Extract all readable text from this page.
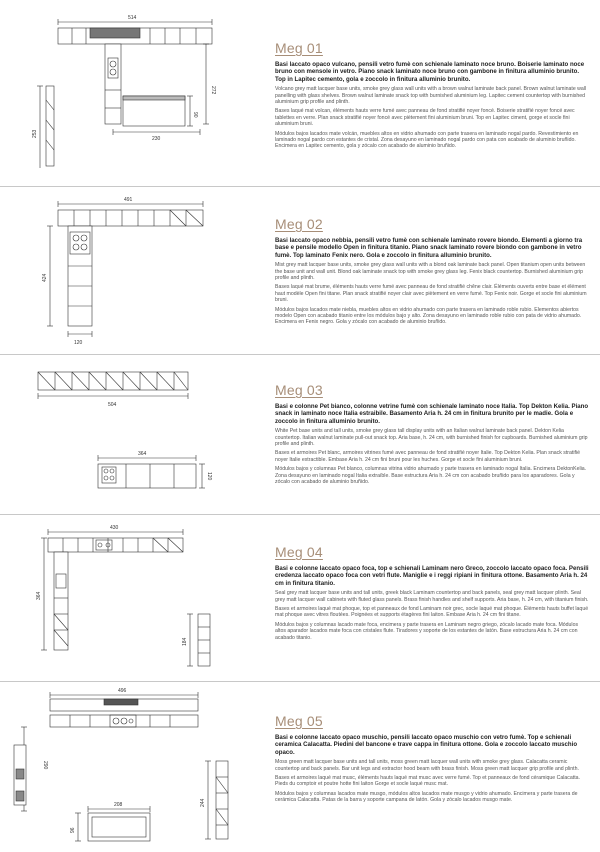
514
272
90
230
253
Meg 01

Basi laccato opaco vulcano, pensili vetro fumè con schienale laminato noce bruno. Boiserie laminato noce bruno con mensole in vetro. Piano snack laminato noce bruno con gambone in finitura alluminio brunito. Top in Lapitec cemento, gola e zoccolo in finitura alluminio brunito.

Volcano grey matt lacquer base units, smoke grey glass wall units with a brown walnut laminate back panel. Brown walnut laminate wall panelling with glass shelves. Brown walnut laminate snack top with burnished aluminium leg. Lapitec cement countertop with burnished aluminium grip profile and plinth.

Bases laqué mat volcan, éléments hauts verre fumé avec panneau de fond stratifié noyer foncé. Boiserie stratifié noyer foncé avec tablettes en verre. Plan snack stratifié noyer foncé avec piètement fini aluminium bruni. Top en Lapitec ciment, gorge et socle fini aluminium bruni.

Módulos bajos lacados mate volcán, muebles altos en vidrio ahumado con parte trasera en laminado nogal pardo. Revestimiento en laminado nogal pardo con estantes de cristal. Zona desayuno en laminado nogal pardo con pata con acabado de aluminio bruñido. Encimera en Lapitec cemento, gola y zócalo con acabado de aluminio bruñido.

491
424
120
Meg 02

Basi laccato opaco nebbia, pensili vetro fumè con schienale laminato rovere biondo. Elementi a giorno tra base e pensile modello Open in finitura titanio. Piano snack laminato rovere biondo con gambone in vetro fumè. Top laminato Fenix nero. Gola e zoccolo in finitura alluminio brunito.

Mist grey matt lacquer base units, smoke grey glass wall units with a blond oak laminate back panel. Open titanium open units between the base unit and wall unit. Blond oak laminate snack top with smoke grey glass leg. Fenix black countertop. Burnished aluminium grip profile and plinth.

Bases laqué mat brume, éléments hauts verre fumé avec panneau de fond stratifié chêne clair. Éléments ouverts entre base et élément haut modèle Open fini titane. Plan snack stratifié noyer clair avec piètement en verre fumé. Top Fenix noir. Gorge et socle fini aluminium bruni.

Módulos bajos lacados mate niebla, muebles altos en vidrio ahumado con parte trasera en laminado roble rubio. Elementos abiertos modelo Open con acabado titanio entre los módulos bajo y alto. Zona desayuno en laminado roble rubio con pata de vidrio ahumado. Encimera en Fenix negro. Gola y zócalo con acabado de aluminio bruñido.

504
364
120
Meg 03

Basi e colonne Pet bianco, colonne vetrine fumè con schienale laminato noce Italia. Top Dekton Kelia. Piano snack in laminato noce Italia estraibile. Basamento Aria h. 24 cm in finitura brunito per le madie. Gola e zoccolo in finitura alluminio brunito.

White Pet base units and tall units, smoke grey glass tall display units with an Italian walnut laminate back panel. Dekton Kelia countertop. Italian walnut laminate pull-out snack top. Aria base, h. 24 cm, with burnished finish for cupboards. Burnished aluminium grip profile and plinth.

Bases et armoires Pet blanc, armoires vitrines fumé avec panneau de fond stratifié noyer Italie. Top Dekton Kelia. Plan snack stratifié noyer Italie extractible. Embase Aria h. 24 cm fini bruni pour les huches. Gorge et socle fini aluminium bruni.

Módulos bajos y columnas Pet blanco, columnas vitrina vidrio ahumado y parte trasera en laminado nogal Italia. Encimera DektonKelia. Zona desayuno en laminado nogal Italia extraíble. Base estructura Aria h. 24 cm con acabado bruñido para los aparadores. Gola y zócalo con acabado de aluminio bruñido.

430
364
184
Meg 04

Basi e colonne laccato opaco foca, top e schienali Laminam nero Greco, zoccolo laccato opaco foca. Pensili credenza laccato opaco foca con vetri flute. Maniglie e i reggi ripiani in finitura ottone. Basamento Aria h. 24 cm in finitura titanio.

Seal grey matt lacquer base units and tall units, greek black Laminam countertop and back panels, seal grey matt lacquer plinth. Seal grey matt lacquer wall cabinets with fluted glass panels. Brass finish handles and shelf supports. Aria base, h. 24 cm, with titanium finish.

Bases et armoires laqué mat phoque, top et panneaux de fond Laminam noir grec, socle laqué mat phoque. Éléments hauts buffet laqué mat phoque avec vitres floutées. Poignées et supports étagères fini laiton. Embase Aria h. 24 cm fini titane.

Módulos bajos y columnas lacado mate foca, encimera y parte trasera en Laminam negro griego, zócalo lacado mate foca. Módulos altos aparador lacados mate foca con cristales flute. Tiradores y soporte de los estantes de latón. Base estructura Aria h. 24 cm con acabado titanio.

496
290
208
96
244
Meg 05

Basi e colonne laccato opaco muschio, pensili laccato opaco muschio con vetro fumè. Top e schienali ceramica Calacatta. Piedini del bancone e trave cappa in finitura ottone. Gola e zoccolo laccato muschio opaco.

Moss green matt lacquer base units and tall units, moss green matt lacquer wall units with smoke grey glass. Calacatta ceramic countertop and back panels. Bar unit legs and extractor hood beam with brass finish. Moss green matt lacquer grip profile and plinth.

Bases et armoires laqué mat musc, éléments hauts laqué mat musc avec verre fumé. Top et panneaux de fond céramique Calacatta. Pieds du comptoir et poutre hotte fini laiton Gorge et socle laqué musc mat.

Módulos bajos y columnas lacados mate musgo, módulos altos lacados mate musgo y vidrio ahumado. Encimera y parte trasera de cerámica Calacatta. Patas de la barra y soporte campana de latón. Gola y zócalo lacados musgo mate.
